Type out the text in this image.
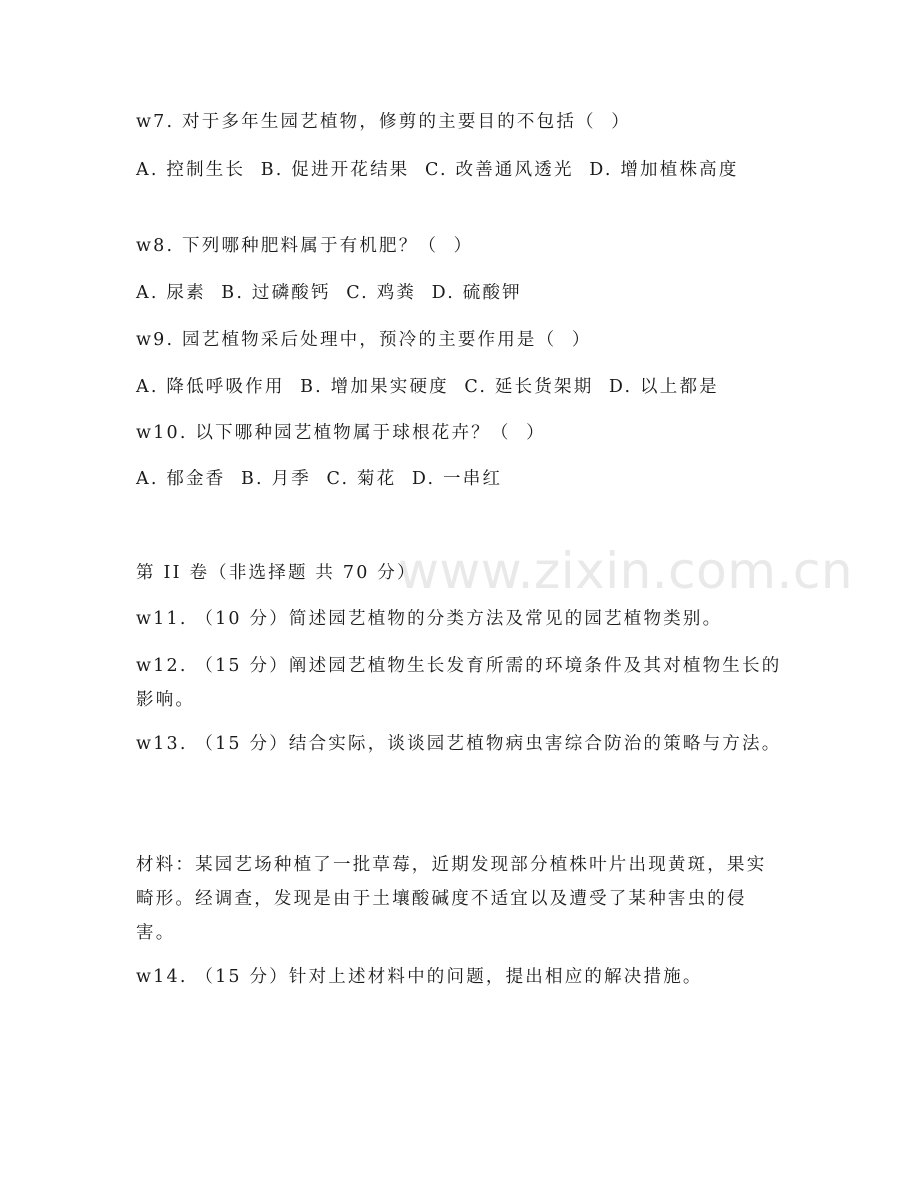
www.zixin.com.cn
w7. 对于多年生园艺植物，修剪的主要目的不包括（  ）
A. 控制生长  B. 促进开花结果  C. 改善通风透光  D. 增加植株高度
w8. 下列哪种肥料属于有机肥？（  ）
A. 尿素  B. 过磷酸钙  C. 鸡粪  D. 硫酸钾
w9. 园艺植物采后处理中，预冷的主要作用是（  ）
A. 降低呼吸作用  B. 增加果实硬度  C. 延长货架期  D. 以上都是
w10. 以下哪种园艺植物属于球根花卉？（  ）
A. 郁金香  B. 月季  C. 菊花  D. 一串红
第 II 卷（非选择题 共 70 分）
w11. （10 分）简述园艺植物的分类方法及常见的园艺植物类别。
w12. （15 分）阐述园艺植物生长发育所需的环境条件及其对植物生长的影响。
w13. （15 分）结合实际，谈谈园艺植物病虫害综合防治的策略与方法。
材料：某园艺场种植了一批草莓，近期发现部分植株叶片出现黄斑，果实畸形。经调查，发现是由于土壤酸碱度不适宜以及遭受了某种害虫的侵害。
w14. （15 分）针对上述材料中的问题，提出相应的解决措施。
